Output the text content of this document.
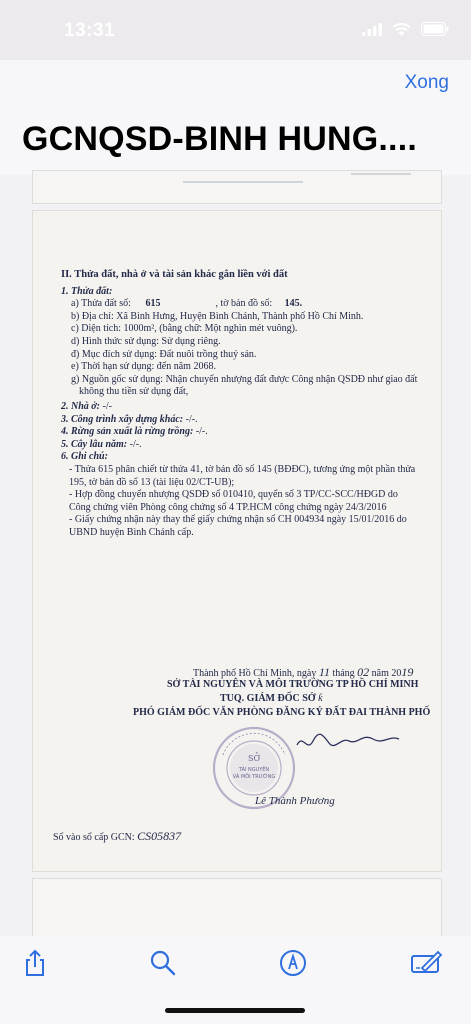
13:31
Xong
GCNQSD-BINH HUNG....
II. Thửa đất, nhà ở và tài sản khác gắn liền với đất
1. Thửa đất:
a) Thửa đất số: 615	, tờ bản đồ số: 145.
b) Địa chỉ: Xã Bình Hưng, Huyện Bình Chánh, Thành phố Hồ Chí Minh.
c) Diện tích: 1000m², (bằng chữ: Một nghìn mét vuông).
d) Hình thức sử dụng: Sử dụng riêng.
đ) Mục đích sử dụng: Đất nuôi trồng thuỷ sản.
e) Thời hạn sử dụng: đến năm 2068.
g) Nguồn gốc sử dụng: Nhận chuyển nhượng đất được Công nhận QSDĐ như giao đất
không thu tiền sử dụng đất,
2. Nhà ở: -/-
3. Công trình xây dựng khác: -/-.
4. Rừng sản xuất là rừng trồng: -/-.
5. Cây lâu năm: -/-.
6. Ghi chú:
- Thửa 615 phân chiết từ thửa 41, tờ bản đồ số 145 (BĐĐC), tương ứng một phần thửa
195, tờ bản đồ số 13 (tài liệu 02/CT-UB);
- Hợp đồng chuyển nhượng QSDĐ số 010410, quyển số 3 TP/CC-SCC/HĐGD do
Công chứng viên Phòng công chứng số 4 TP.HCM công chứng ngày 24/3/2016
- Giấy chứng nhận này thay thế giấy chứng nhận số CH 004934 ngày 15/01/2016 do
UBND huyện Bình Chánh cấp.
Thành phố Hồ Chí Minh, ngày 11 tháng 02 năm 2019
SỞ TÀI NGUYÊN VÀ MÔI TRƯỜNG TP HỒ CHÍ MINH
TUQ. GIÁM ĐỐC SỞ ƙ
PHÓ GIÁM ĐỐC VĂN PHÒNG ĐĂNG KÝ ĐẤT ĐAI THÀNH PHỐ
SỞ
TÀI NGUYÊN
VÀ MÔI TRƯỜNG
Lê Thành Phương
Số vào sổ cấp GCN: CS05837
